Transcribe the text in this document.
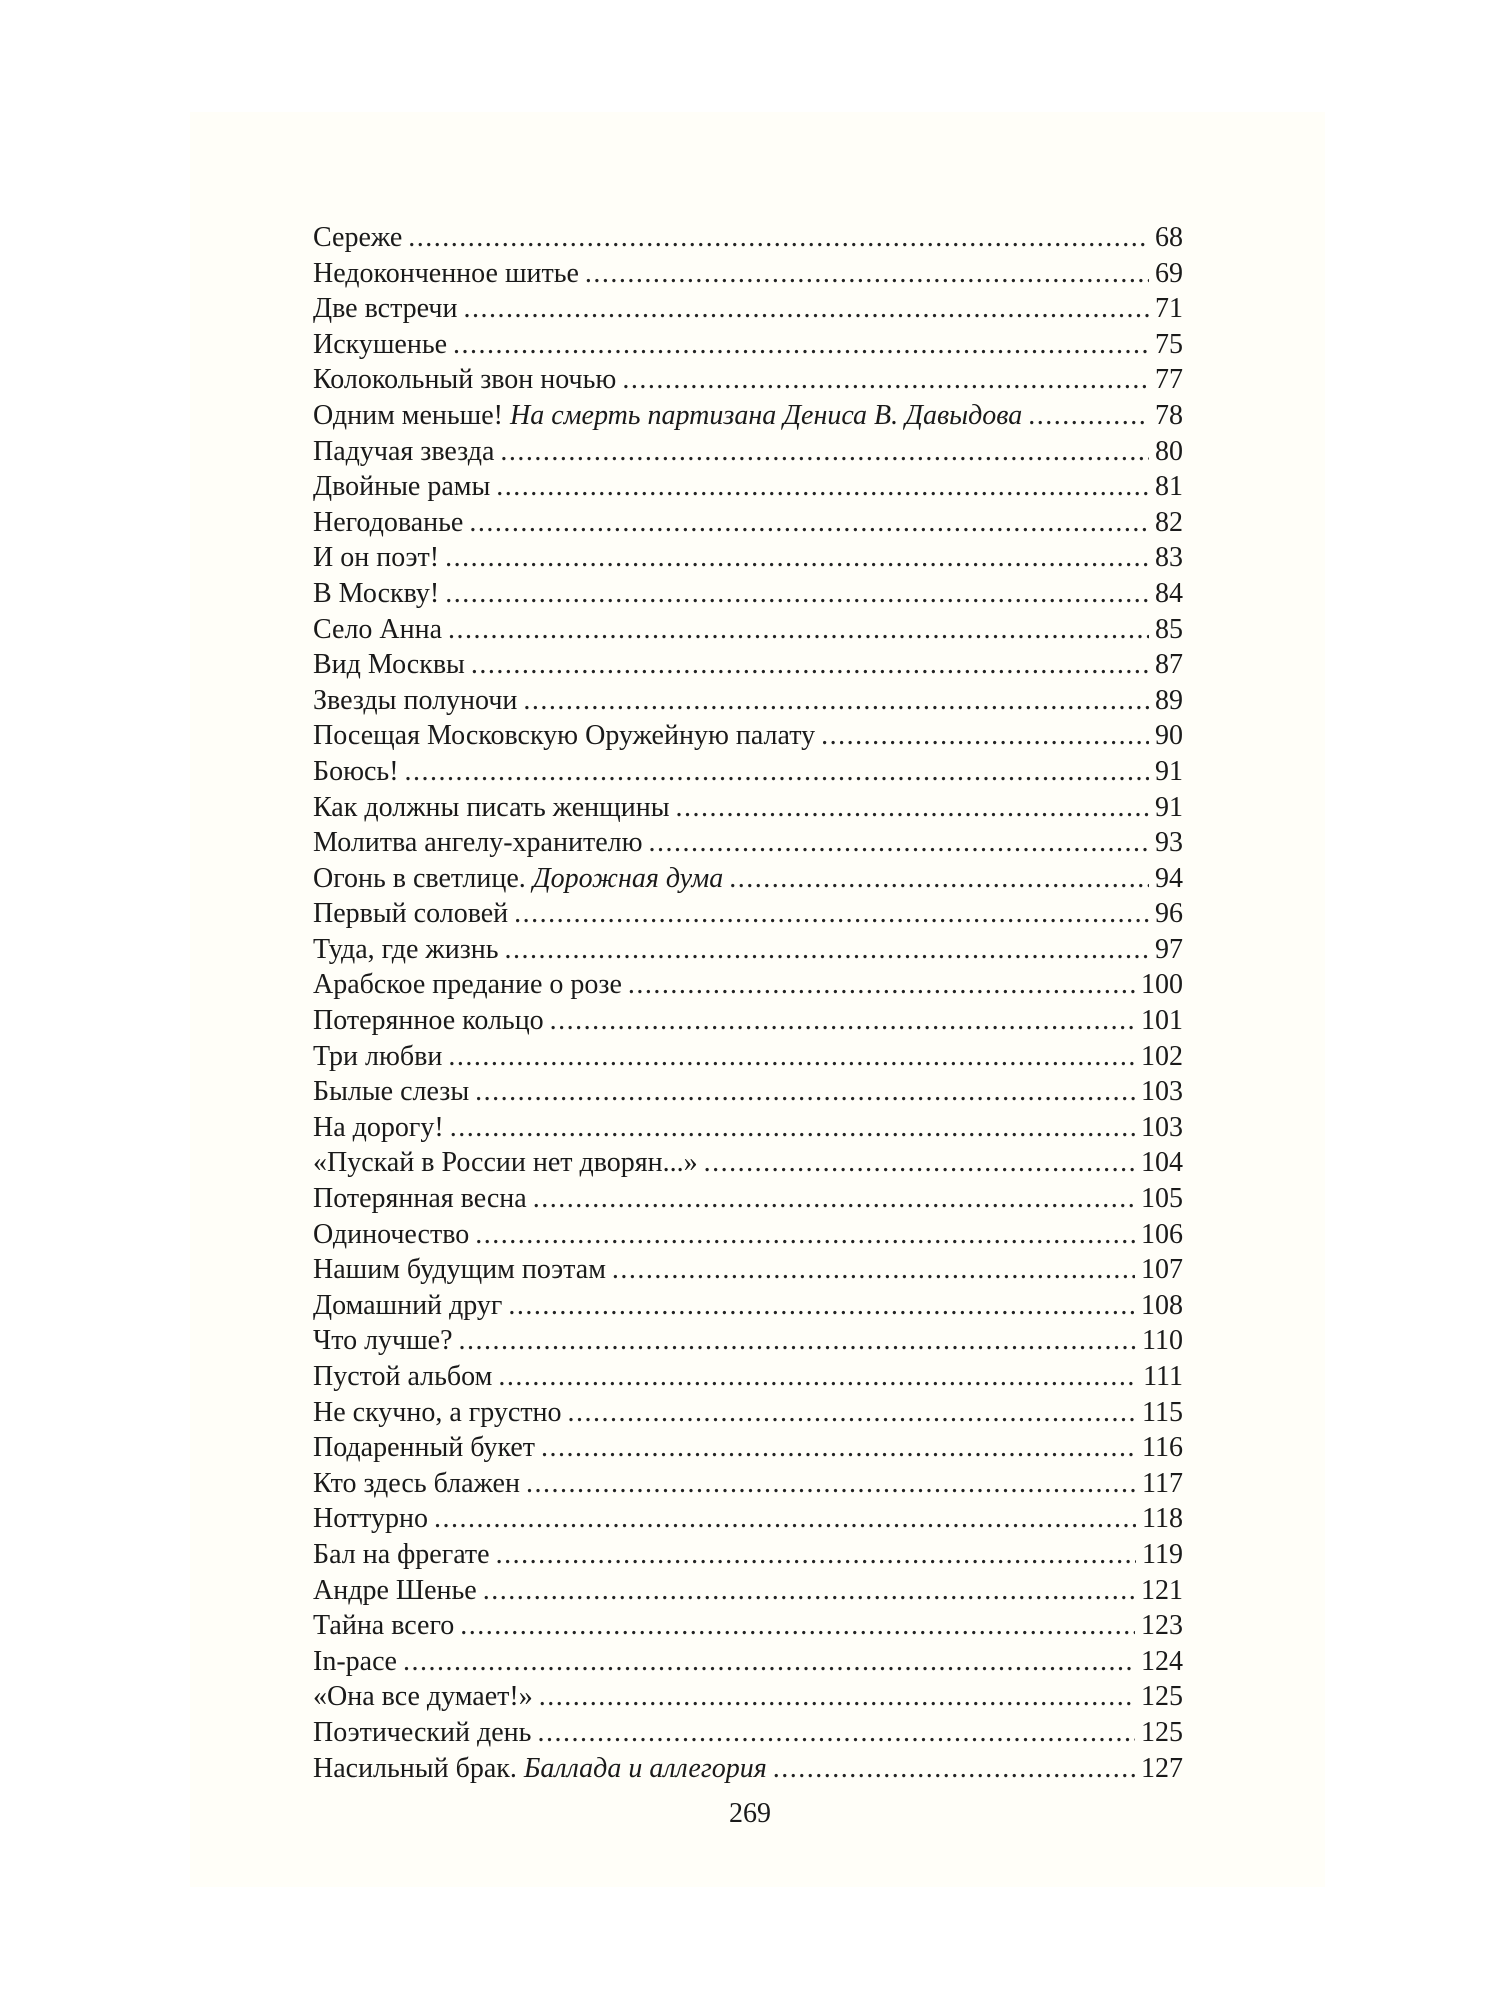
Сереже .....	68
Недоконченное шитье .....	69
Две встречи .....	71
Искушенье .....	75
Колокольный звон ночью .....	77
Одним меньше! На смерть партизана Дениса В. Давыдова .....	78
Падучая звезда .....	80
Двойные рамы .....	81
Негодованье .....	82
И он поэт! .....	83
В Москву! .....	84
Село Анна .....	85
Вид Москвы .....	87
Звезды полуночи .....	89
Посещая Московскую Оружейную палату .....	90
Боюсь! .....	91
Как должны писать женщины .....	91
Молитва ангелу-хранителю .....	93
Огонь в светлице. Дорожная дума .....	94
Первый соловей .....	96
Туда, где жизнь .....	97
Арабское предание о розе .....	100
Потерянное кольцо .....	101
Три любви .....	102
Былые слезы .....	103
На дорогу! .....	103
«Пускай в России нет дворян...» .....	104
Потерянная весна .....	105
Одиночество .....	106
Нашим будущим поэтам .....	107
Домашний друг .....	108
Что лучше? .....	110
Пустой альбом .....	111
Не скучно, а грустно .....	115
Подаренный букет .....	116
Кто здесь блажен .....	117
Ноттурно .....	118
Бал на фрегате .....	119
Андре Шенье .....	121
Тайна всего .....	123
In-pace .....	124
«Она все думает!» .....	125
Поэтический день .....	125
Насильный брак. Баллада и аллегория .....	127
269
